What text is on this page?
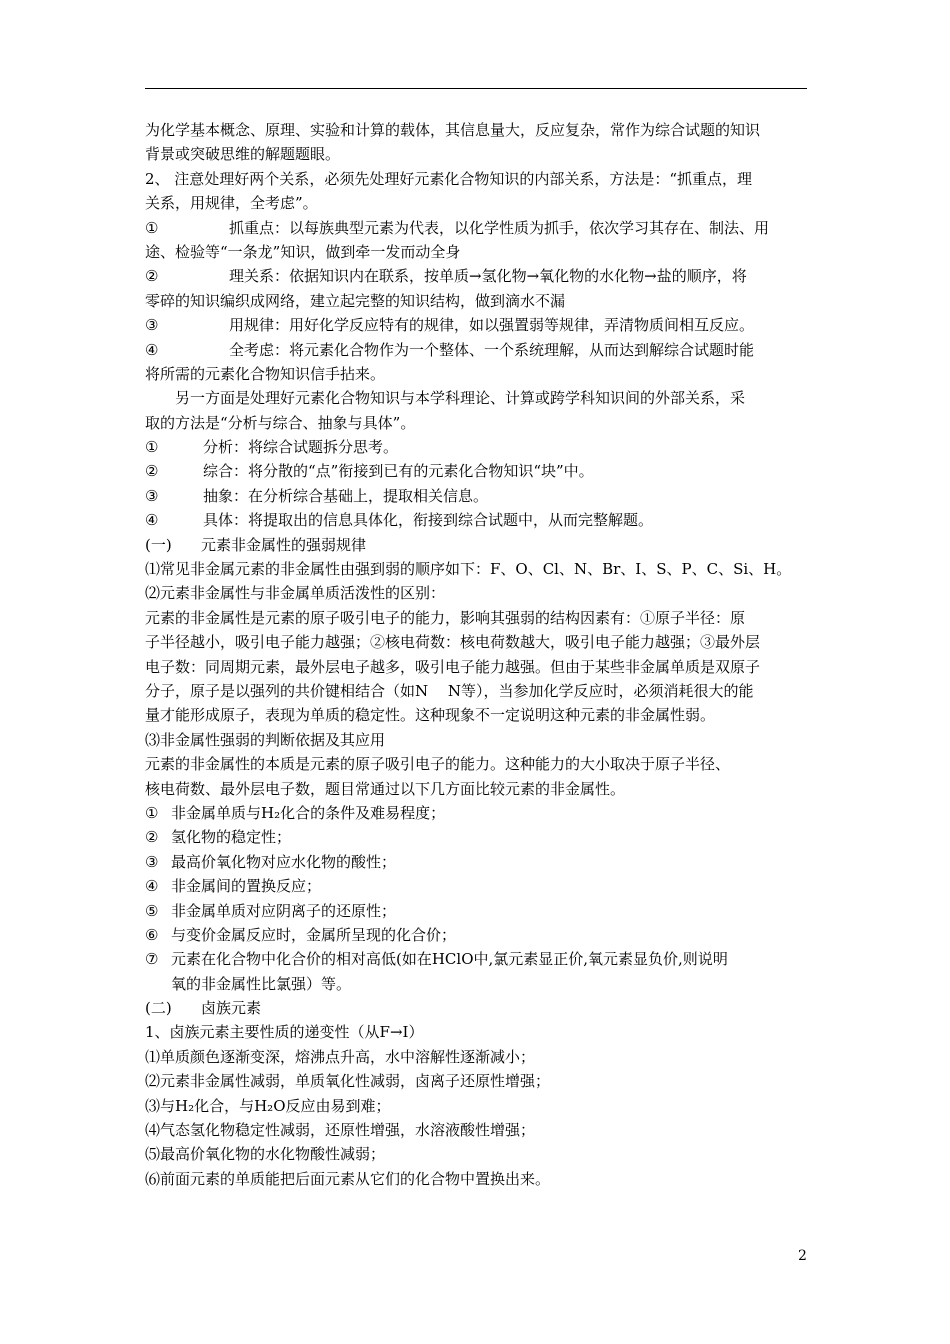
为化学基本概念、原理、实验和计算的载体，其信息量大，反应复杂，常作为综合试题的知识
背景或突破思维的解题题眼。
2、 注意处理好两个关系，必须先处理好元素化合物知识的内部关系，方法是：“抓重点，理
关系，用规律，全考虑”。
①	抓重点：以每族典型元素为代表，以化学性质为抓手，依次学习其存在、制法、用
途、检验等“一条龙”知识，做到牵一发而动全身
②	理关系：依据知识内在联系，按单质→氢化物→氧化物的水化物→盐的顺序，将
零碎的知识编织成网络，建立起完整的知识结构，做到滴水不漏
③	用规律：用好化学反应特有的规律，如以强置弱等规律，弄清物质间相互反应。
④	全考虑：将元素化合物作为一个整体、一个系统理解，从而达到解综合试题时能
将所需的元素化合物知识信手拈来。
另一方面是处理好元素化合物知识与本学科理论、计算或跨学科知识间的外部关系，采
取的方法是“分析与综合、抽象与具体”。
①	分析：将综合试题拆分思考。
②	综合：将分散的“点”衔接到已有的元素化合物知识“块”中。
③	抽象：在分析综合基础上，提取相关信息。
④	具体：将提取出的信息具体化，衔接到综合试题中，从而完整解题。
(一) 元素非金属性的强弱规律
⑴常见非金属元素的非金属性由强到弱的顺序如下：F、O、Cl、N、Br、I、S、P、C、Si、H。
⑵元素非金属性与非金属单质活泼性的区别：
元素的非金属性是元素的原子吸引电子的能力，影响其强弱的结构因素有：①原子半径：原
子半径越小，吸引电子能力越强；②核电荷数：核电荷数越大，吸引电子能力越强；③最外层
电子数：同周期元素，最外层电子越多，吸引电子能力越强。但由于某些非金属单质是双原子
分子，原子是以强列的共价键相结合（如N　 N等），当参加化学反应时，必须消耗很大的能
量才能形成原子，表现为单质的稳定性。这种现象不一定说明这种元素的非金属性弱。
⑶非金属性强弱的判断依据及其应用
元素的非金属性的本质是元素的原子吸引电子的能力。这种能力的大小取决于原子半径、
核电荷数、最外层电子数，题目常通过以下几方面比较元素的非金属性。
① 非金属单质与H₂化合的条件及难易程度；
② 氢化物的稳定性；
③ 最高价氧化物对应水化物的酸性；
④ 非金属间的置换反应；
⑤ 非金属单质对应阴离子的还原性；
⑥ 与变价金属反应时，金属所呈现的化合价；
⑦ 元素在化合物中化合价的相对高低(如在HClO中,氯元素显正价,氧元素显负价,则说明
氧的非金属性比氯强）等。
(二) 卤族元素
1、卤族元素主要性质的递变性（从F→I）
⑴单质颜色逐渐变深，熔沸点升高，水中溶解性逐渐减小；
⑵元素非金属性减弱，单质氧化性减弱，卤离子还原性增强；
⑶与H₂化合，与H₂O反应由易到难；
⑷气态氢化物稳定性减弱，还原性增强，水溶液酸性增强；
⑸最高价氧化物的水化物酸性减弱；
⑹前面元素的单质能把后面元素从它们的化合物中置换出来。
2
